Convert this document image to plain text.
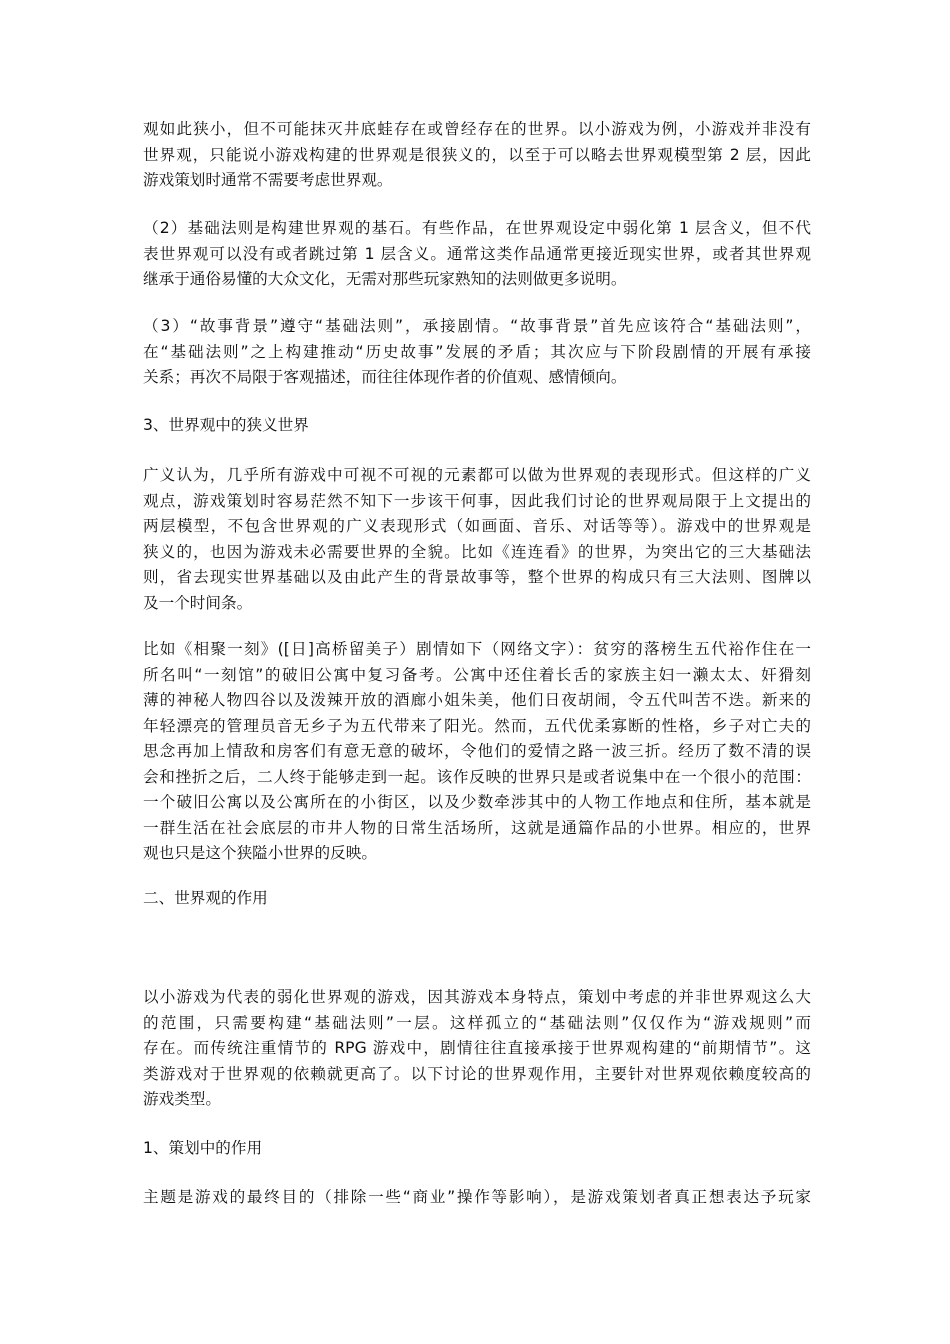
观如此狭小，但不可能抹灭井底蛙存在或曾经存在的世界。以小游戏为例，小游戏并非没有
世界观，只能说小游戏构建的世界观是很狭义的，以至于可以略去世界观模型第 2 层，因此
游戏策划时通常不需要考虑世界观。

（2）基础法则是构建世界观的基石。有些作品，在世界观设定中弱化第 1 层含义，但不代
表世界观可以没有或者跳过第 1 层含义。通常这类作品通常更接近现实世界，或者其世界观
继承于通俗易懂的大众文化，无需对那些玩家熟知的法则做更多说明。

（3）“故事背景”遵守“基础法则”，承接剧情。“故事背景”首先应该符合“基础法则”，
在“基础法则”之上构建推动“历史故事”发展的矛盾；其次应与下阶段剧情的开展有承接
关系；再次不局限于客观描述，而往往体现作者的价值观、感情倾向。

3、世界观中的狭义世界

广义认为，几乎所有游戏中可视不可视的元素都可以做为世界观的表现形式。但这样的广义
观点，游戏策划时容易茫然不知下一步该干何事，因此我们讨论的世界观局限于上文提出的
两层模型，不包含世界观的广义表现形式（如画面、音乐、对话等等）。游戏中的世界观是
狭义的，也因为游戏未必需要世界的全貌。比如《连连看》的世界，为突出它的三大基础法
则，省去现实世界基础以及由此产生的背景故事等，整个世界的构成只有三大法则、图牌以
及一个时间条。

比如《相聚一刻》([日]高桥留美子）剧情如下（网络文字）：贫穷的落榜生五代裕作住在一
所名叫“一刻馆”的破旧公寓中复习备考。公寓中还住着长舌的家族主妇一濑太太、奸猾刻
薄的神秘人物四谷以及泼辣开放的酒廊小姐朱美，他们日夜胡闹，令五代叫苦不迭。新来的
年轻漂亮的管理员音无乡子为五代带来了阳光。然而，五代优柔寡断的性格，乡子对亡夫的
思念再加上情敌和房客们有意无意的破坏，令他们的爱情之路一波三折。经历了数不清的误
会和挫折之后，二人终于能够走到一起。该作反映的世界只是或者说集中在一个很小的范围：
一个破旧公寓以及公寓所在的小街区，以及少数牵涉其中的人物工作地点和住所，基本就是
一群生活在社会底层的市井人物的日常生活场所，这就是通篇作品的小世界。相应的，世界
观也只是这个狭隘小世界的反映。

二、世界观的作用

以小游戏为代表的弱化世界观的游戏，因其游戏本身特点，策划中考虑的并非世界观这么大
的范围，只需要构建“基础法则”一层。这样孤立的“基础法则”仅仅作为“游戏规则”而
存在。而传统注重情节的 RPG 游戏中，剧情往往直接承接于世界观构建的“前期情节”。这
类游戏对于世界观的依赖就更高了。以下讨论的世界观作用，主要针对世界观依赖度较高的
游戏类型。

1、策划中的作用

主题是游戏的最终目的（排除一些“商业”操作等影响），是游戏策划者真正想表达予玩家
